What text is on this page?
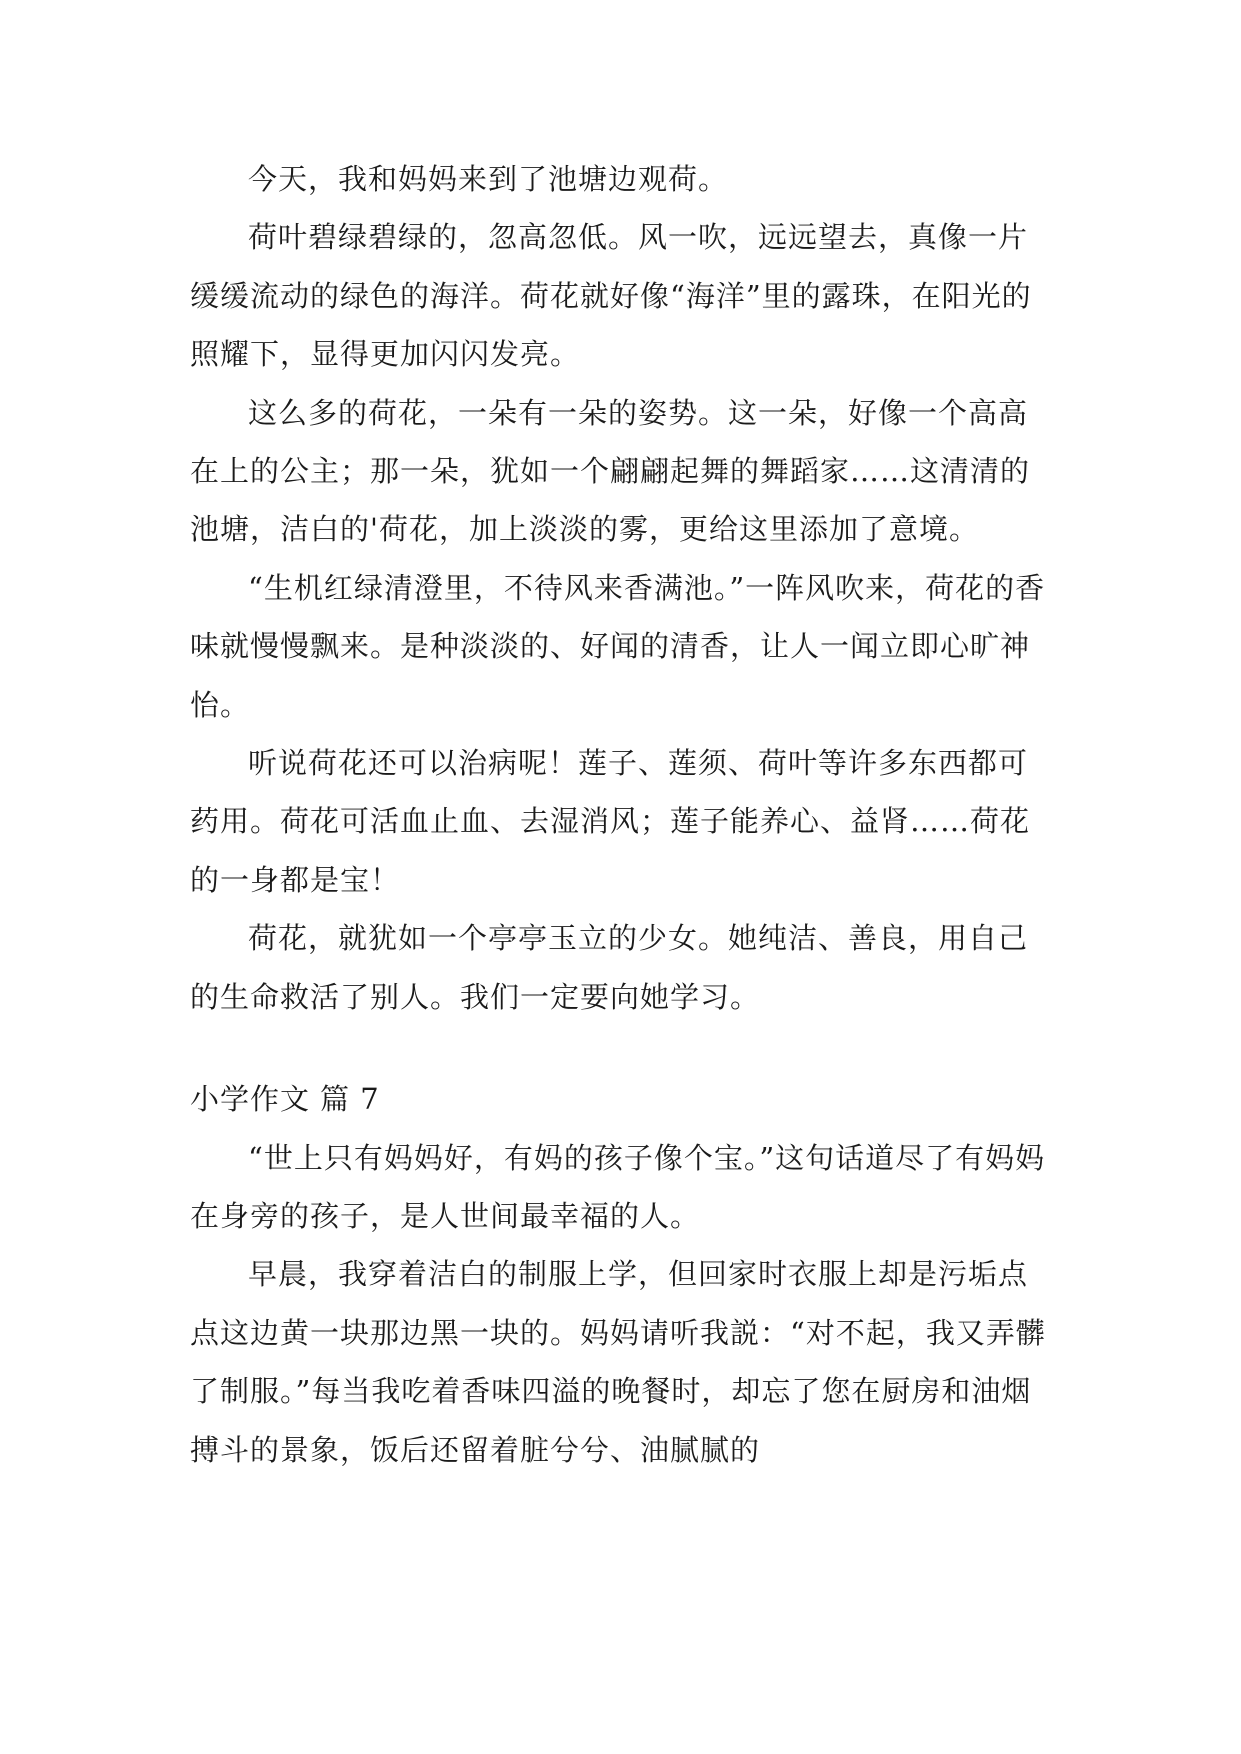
今天，我和妈妈来到了池塘边观荷。

荷叶碧绿碧绿的，忽高忽低。风一吹，远远望去，真像一片缓缓流动的绿色的海洋。荷花就好像“海洋”里的露珠，在阳光的照耀下，显得更加闪闪发亮。

这么多的荷花，一朵有一朵的姿势。这一朵，好像一个高高在上的公主；那一朵，犹如一个翩翩起舞的舞蹈家……这清清的池塘，洁白的'荷花，加上淡淡的雾，更给这里添加了意境。

“生机红绿清澄里，不待风来香满池。”一阵风吹来，荷花的香味就慢慢飘来。是种淡淡的、好闻的清香，让人一闻立即心旷神怡。

听说荷花还可以治病呢！莲子、莲须、荷叶等许多东西都可药用。荷花可活血止血、去湿消风；莲子能养心、益肾……荷花的一身都是宝！

荷花，就犹如一个亭亭玉立的少女。她纯洁、善良，用自己的生命救活了别人。我们一定要向她学习。

小学作文 篇 7

“世上只有妈妈好，有妈的孩子像个宝。”这句话道尽了有妈妈在身旁的孩子，是人世间最幸福的人。

早晨，我穿着洁白的制服上学，但回家时衣服上却是污垢点点这边黄一块那边黑一块的。妈妈请听我説：“对不起，我又弄髒了制服。”每当我吃着香味四溢的晚餐时，却忘了您在厨房和油烟搏斗的景象，饭后还留着脏兮兮、油腻腻的
